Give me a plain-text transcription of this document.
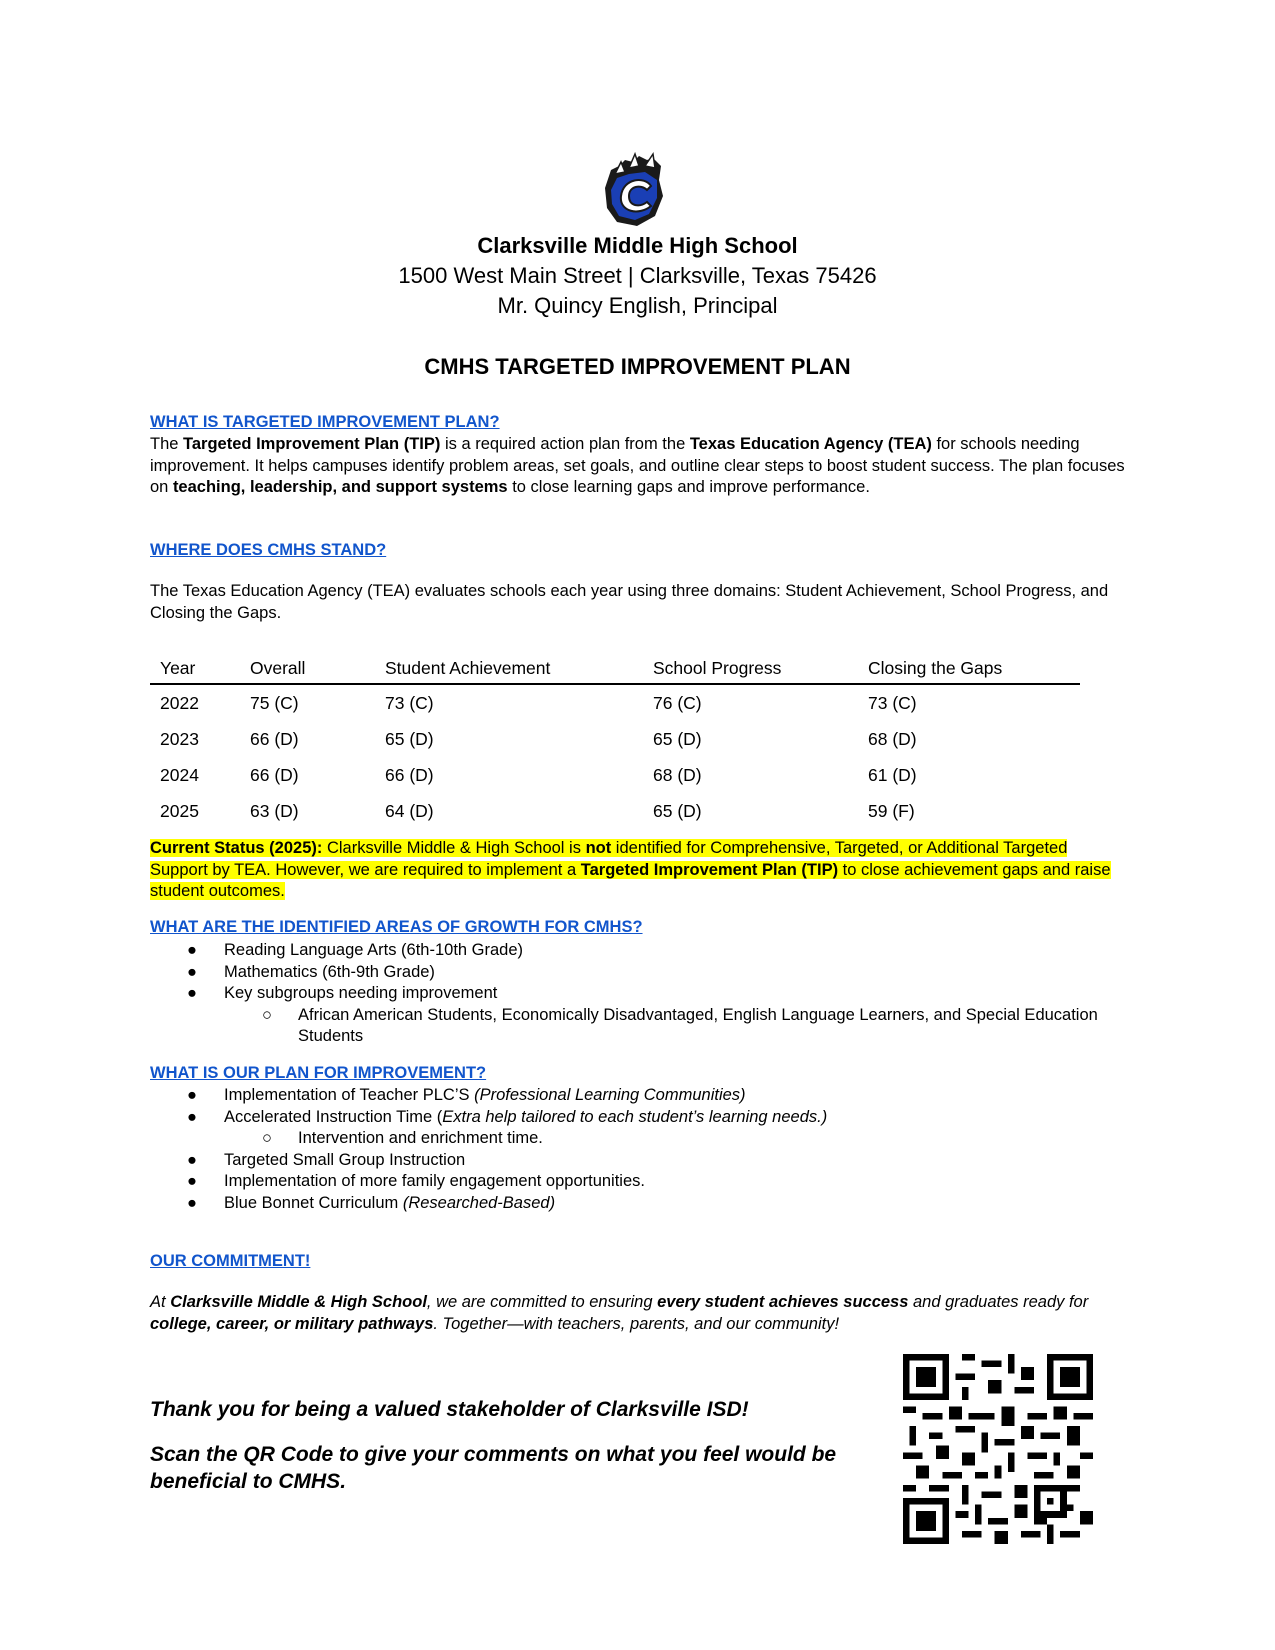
Clarksville Middle High School
1500 West Main Street | Clarksville, Texas 75426
Mr. Quincy English, Principal
CMHS TARGETED IMPROVEMENT PLAN
WHAT IS TARGETED IMPROVEMENT PLAN?
The Targeted Improvement Plan (TIP) is a required action plan from the Texas Education Agency (TEA) for schools needing improvement. It helps campuses identify problem areas, set goals, and outline clear steps to boost student success. The plan focuses on teaching, leadership, and support systems to close learning gaps and improve performance.
WHERE DOES CMHS STAND?
The Texas Education Agency (TEA) evaluates schools each year using three domains: Student Achievement, School Progress, and Closing the Gaps.
Year	Overall	Student Achievement	School Progress	Closing the Gaps
2022	75 (C)	73 (C)	76 (C)	73 (C)
2023	66 (D)	65 (D)	65 (D)	68 (D)
2024	66 (D)	66 (D)	68 (D)	61 (D)
2025	63 (D)	64 (D)	65 (D)	59 (F)
Current Status (2025): Clarksville Middle & High School is not identified for Comprehensive, Targeted, or Additional Targeted Support by TEA. However, we are required to implement a Targeted Improvement Plan (TIP) to close achievement gaps and raise student outcomes.
WHAT ARE THE IDENTIFIED AREAS OF GROWTH FOR CMHS?
● Reading Language Arts (6th-10th Grade)
● Mathematics (6th-9th Grade)
● Key subgroups needing improvement
○ African American Students, Economically Disadvantaged, English Language Learners, and Special Education Students
WHAT IS OUR PLAN FOR IMPROVEMENT?
● Implementation of Teacher PLC’S (Professional Learning Communities)
● Accelerated Instruction Time (Extra help tailored to each student’s learning needs.)
○ Intervention and enrichment time.
● Targeted Small Group Instruction
● Implementation of more family engagement opportunities.
● Blue Bonnet Curriculum (Researched-Based)
OUR COMMITMENT!
At Clarksville Middle & High School, we are committed to ensuring every student achieves success and graduates ready for college, career, or military pathways. Together—with teachers, parents, and our community!
Thank you for being a valued stakeholder of Clarksville ISD!
Scan the QR Code to give your comments on what you feel would be beneficial to CMHS.
